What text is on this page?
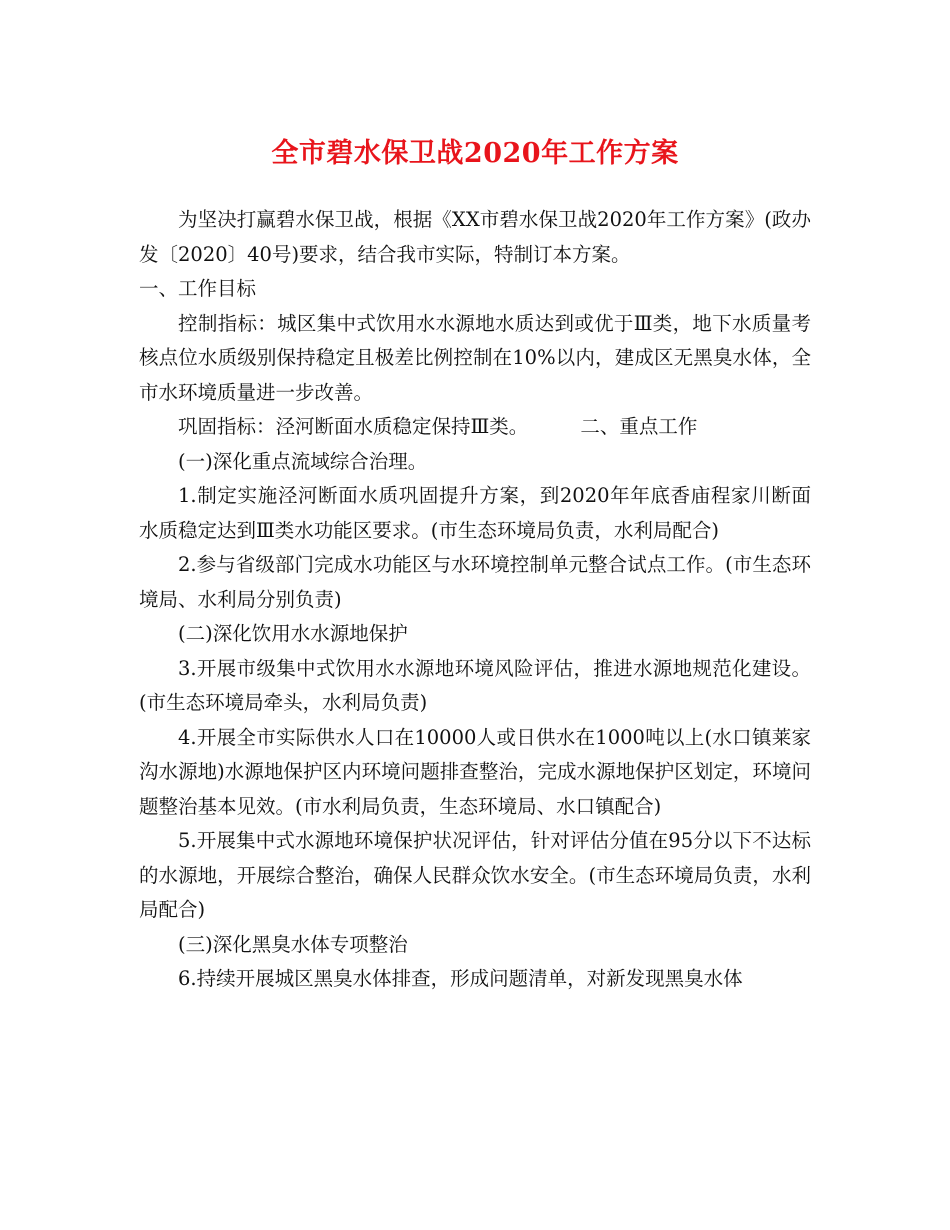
全市碧水保卫战2020年工作方案

为坚决打赢碧水保卫战，根据《XX市碧水保卫战2020年工作方案》(政办发〔2020〕40号)要求，结合我市实际，特制订本方案。

一、工作目标

控制指标：城区集中式饮用水水源地水质达到或优于Ⅲ类，地下水质量考核点位水质级别保持稳定且极差比例控制在10%以内，建成区无黑臭水体，全市水环境质量进一步改善。

巩固指标：泾河断面水质稳定保持Ⅲ类。	二、重点工作

(一)深化重点流域综合治理。

1.制定实施泾河断面水质巩固提升方案，到2020年年底香庙程家川断面水质稳定达到Ⅲ类水功能区要求。(市生态环境局负责，水利局配合)

2.参与省级部门完成水功能区与水环境控制单元整合试点工作。(市生态环境局、水利局分别负责)

(二)深化饮用水水源地保护

3.开展市级集中式饮用水水源地环境风险评估，推进水源地规范化建设。(市生态环境局牵头，水利局负责)

4.开展全市实际供水人口在10000人或日供水在1000吨以上(水口镇莱家沟水源地)水源地保护区内环境问题排查整治，完成水源地保护区划定，环境问题整治基本见效。(市水利局负责，生态环境局、水口镇配合)

5.开展集中式水源地环境保护状况评估，针对评估分值在95分以下不达标的水源地，开展综合整治，确保人民群众饮水安全。(市生态环境局负责，水利局配合)

(三)深化黑臭水体专项整治

6.持续开展城区黑臭水体排查，形成问题清单，对新发现黑臭水体
